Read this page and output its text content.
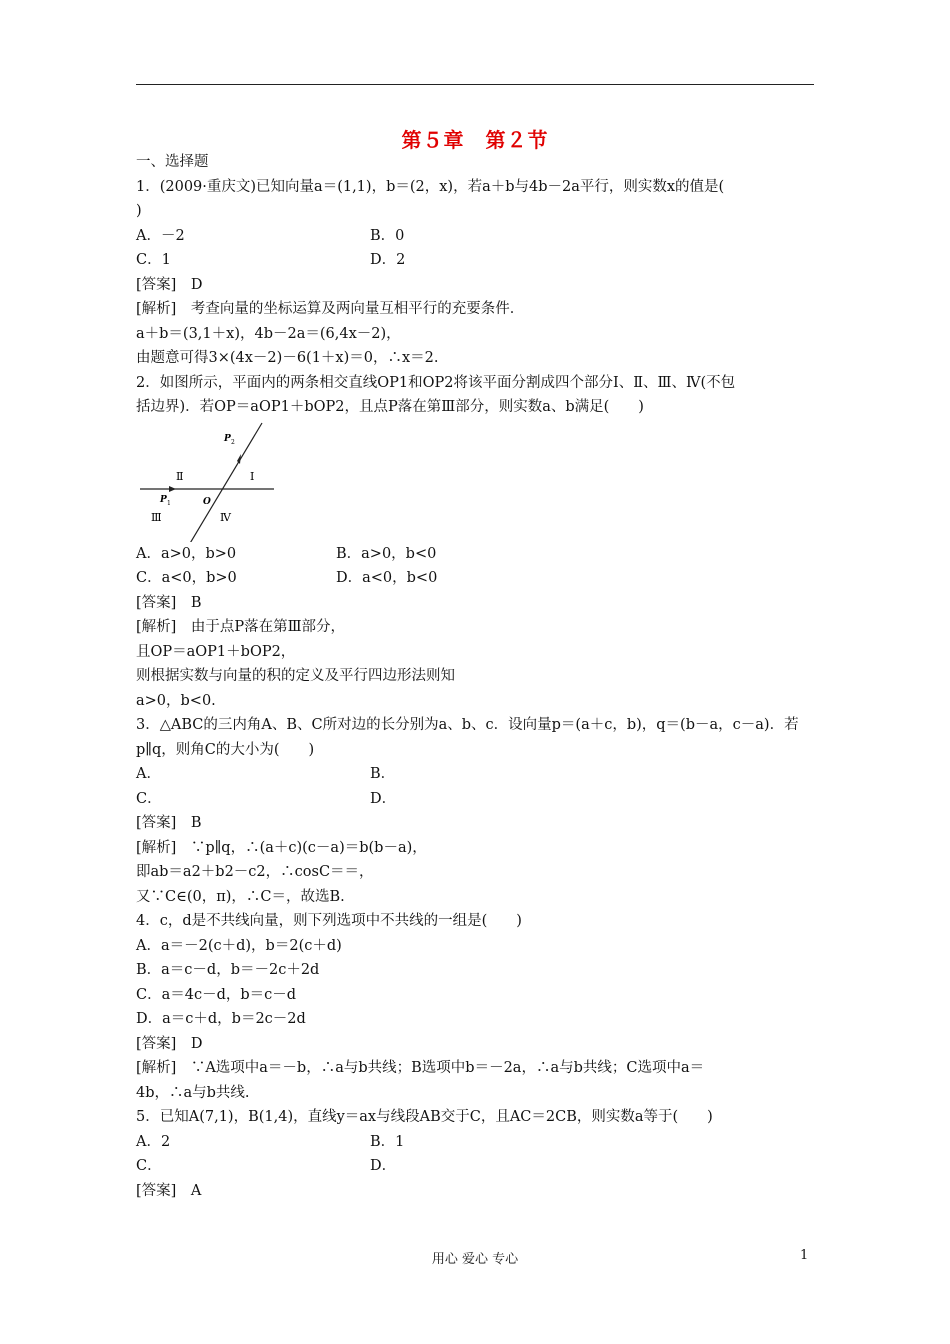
第５章　第２节
一、选择题
1．(2009·重庆文)已知向量a＝(1,1)，b＝(2，x)，若a＋b与4b－2a平行，则实数x的值是(
)
A．－2	B．0
C．1	D．2
[答案]　D
[解析]　考查向量的坐标运算及两向量互相平行的充要条件．
a＋b＝(3,1＋x)，4b－2a＝(6,4x－2)，
由题意可得3×(4x－2)－6(1＋x)＝0，∴x＝2.
2．如图所示，平面内的两条相交直线OP1和OP2将该平面分割成四个部分Ⅰ、Ⅱ、Ⅲ、Ⅳ(不包
括边界)．若OP＝aOP1＋bOP2，且点P落在第Ⅲ部分，则实数a、b满足(　　)
P 2
P 1	O
Ⅰ
Ⅱ
Ⅲ	Ⅳ
A．a>0，b>0	B．a>0，b<0
C．a<0，b>0	D．a<0，b<0
[答案]　B
[解析]　由于点P落在第Ⅲ部分，
且OP＝aOP1＋bOP2，
则根据实数与向量的积的定义及平行四边形法则知
a>0，b<0.
3．△ABC的三内角A、B、C所对边的长分别为a、b、c．设向量p＝(a＋c，b)，q＝(b－a，c－a)．若
p∥q，则角C的大小为(　　)
A．	B．
C．	D．
[答案]　B
[解析]　∵p∥q，∴(a＋c)(c－a)＝b(b－a)，
即ab＝a2＋b2－c2，∴cosC＝＝，
又∵C∈(0，π)，∴C＝，故选B.
4．c，d是不共线向量，则下列选项中不共线的一组是(　　)
A．a＝－2(c＋d)，b＝2(c＋d)
B．a＝c－d，b＝－2c＋2d
C．a＝4c－d，b＝c－d
D．a＝c＋d，b＝2c－2d
[答案]　D
[解析]　∵A选项中a＝－b，∴a与b共线；B选项中b＝－2a，∴a与b共线；C选项中a＝
4b，∴a与b共线.
5．已知A(7,1)，B(1,4)，直线y＝ax与线段AB交于C，且AC＝2CB，则实数a等于(　　)
A．2	B．1
C．	D．
[答案]　A
用心 爱心 专心	1
